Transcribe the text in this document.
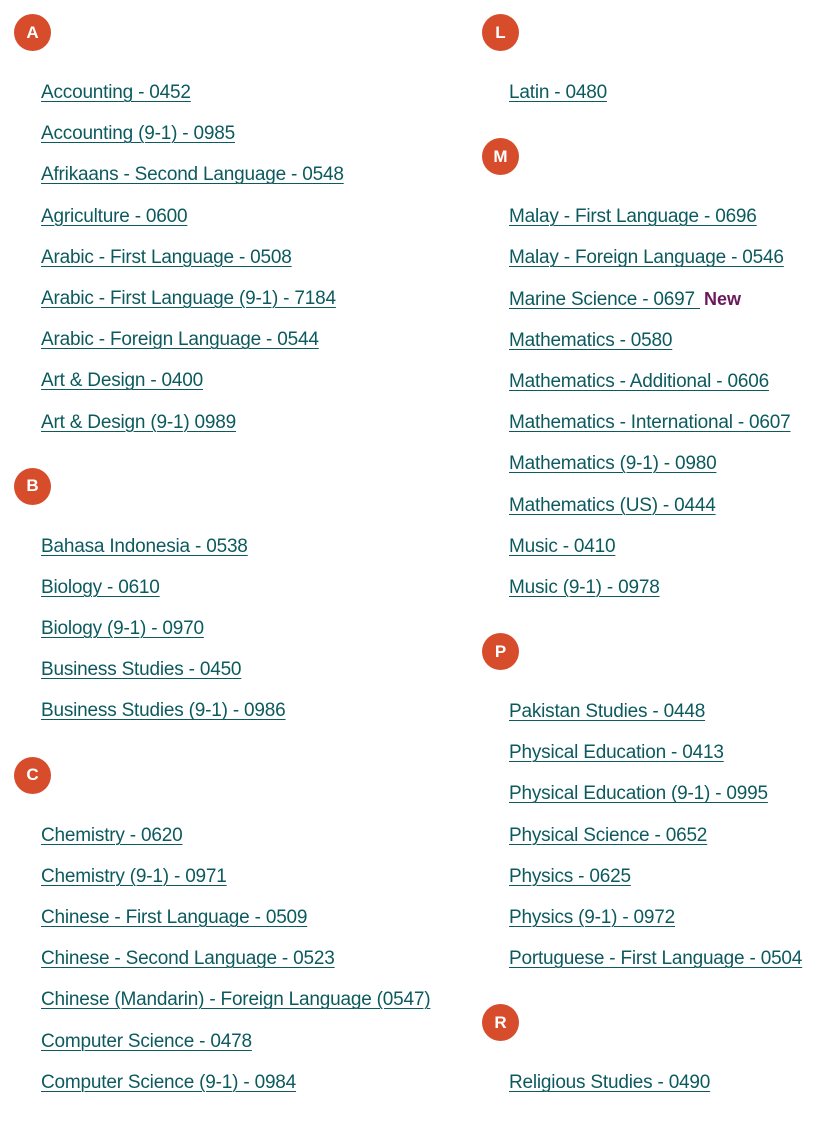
A
Accounting - 0452
Accounting (9-1) - 0985
Afrikaans - Second Language - 0548
Agriculture - 0600
Arabic - First Language - 0508
Arabic - First Language (9-1) - 7184
Arabic - Foreign Language - 0544
Art & Design - 0400
Art & Design (9-1) 0989
B
Bahasa Indonesia - 0538
Biology - 0610
Biology (9-1) - 0970
Business Studies - 0450
Business Studies (9-1) - 0986
C
Chemistry - 0620
Chemistry (9-1) - 0971
Chinese - First Language - 0509
Chinese - Second Language - 0523
Chinese (Mandarin) - Foreign Language (0547)
Computer Science - 0478
Computer Science (9-1) - 0984
L
Latin - 0480
M
Malay - First Language - 0696
Malay - Foreign Language - 0546
Marine Science - 0697 New
Mathematics - 0580
Mathematics - Additional - 0606
Mathematics - International - 0607
Mathematics (9-1) - 0980
Mathematics (US) - 0444
Music - 0410
Music (9-1) - 0978
P
Pakistan Studies - 0448
Physical Education - 0413
Physical Education (9-1) - 0995
Physical Science - 0652
Physics - 0625
Physics (9-1) - 0972
Portuguese - First Language - 0504
R
Religious Studies - 0490
